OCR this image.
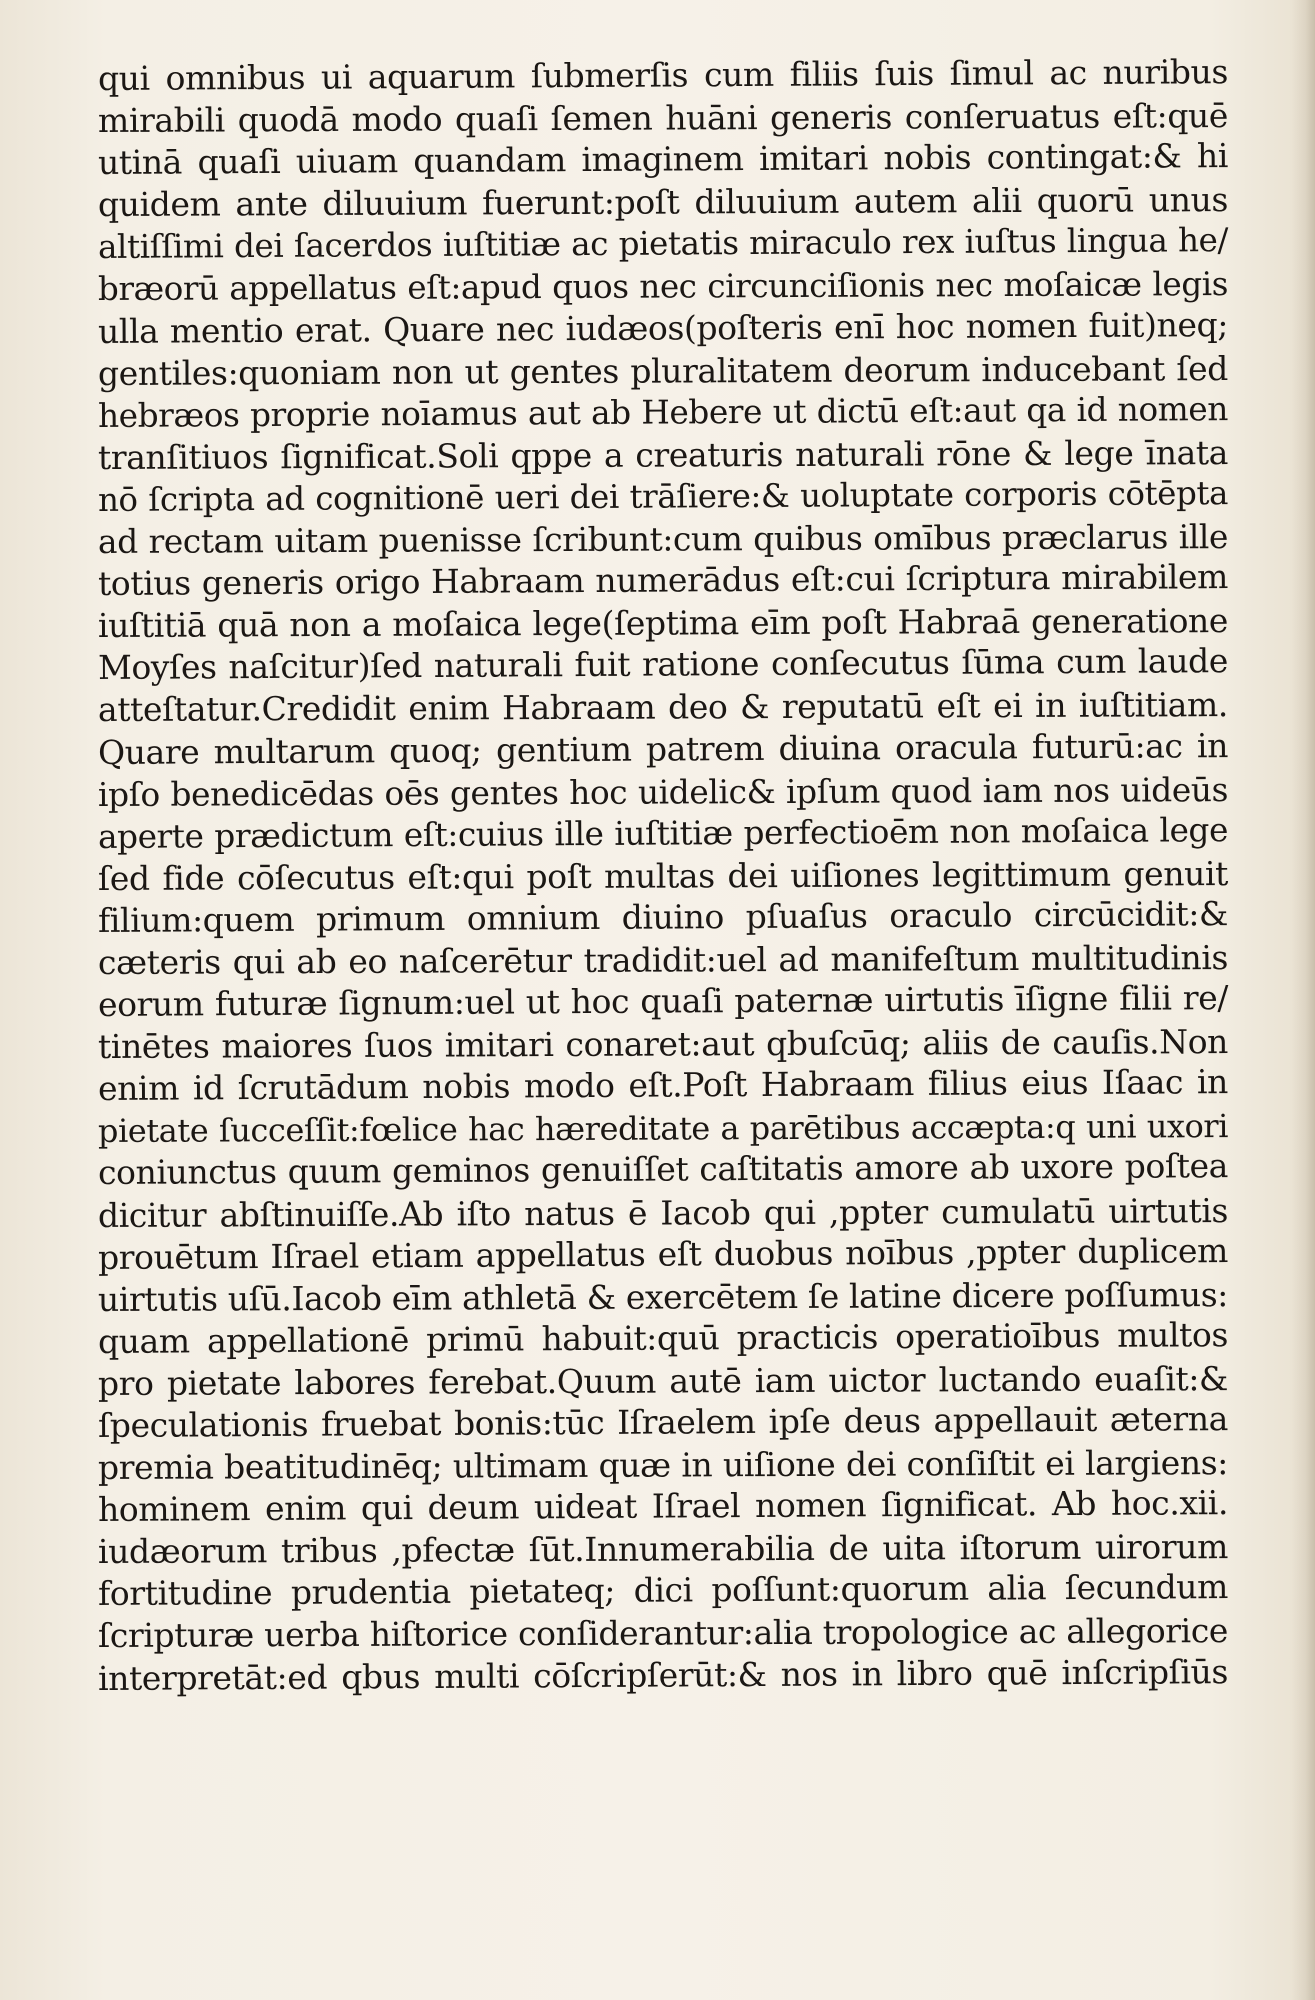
qui omnibus ui aquarum ſubmerſis cum filiis ſuis ſimul ac nuribus
mirabili quodā modo quaſi ſemen huāni generis conſeruatus eſt:quē
utinā quaſi uiuam quandam imaginem imitari nobis contingat:& hi
quidem ante diluuium fuerunt:poſt diluuium autem alii quorū unus
altiſſimi dei ſacerdos iuſtitiæ ac pietatis miraculo rex iuſtus lingua he/
bræorū appellatus eſt:apud quos nec circunciſionis nec moſaicæ legis
ulla mentio erat. Quare nec iudæos(poſteris enī hoc nomen fuit)neq;
gentiles:quoniam non ut gentes pluralitatem deorum inducebant ſed
hebræos proprie noīamus aut ab Hebere ut dictū eſt:aut qa id nomen
tranſitiuos ſignificat.Soli qppe a creaturis naturali rōne & lege īnata
nō ſcripta ad cognitionē ueri dei trāſiere:& uoluptate corporis cōtēpta
ad rectam uitam puenisse ſcribunt:cum quibus omībus præclarus ille
totius generis origo Habraam numerādus eſt:cui ſcriptura mirabilem
iuſtitiā quā non a moſaica lege(ſeptima eīm poſt Habraā generatione
Moyſes naſcitur)ſed naturali fuit ratione conſecutus ſūma cum laude
atteſtatur.Credidit enim Habraam deo & reputatū eſt ei in iuſtitiam.
Quare multarum quoq; gentium patrem diuina oracula futurū:ac in
ipſo benedicēdas oēs gentes hoc uidelic& ipſum quod iam nos uideūs
aperte prædictum eſt:cuius ille iuſtitiæ perfectioēm non moſaica lege
ſed fide cōſecutus eſt:qui poſt multas dei uiſiones legittimum genuit
filium:quem primum omnium diuino pſuaſus oraculo circūcidit:&
cæteris qui ab eo naſcerētur tradidit:uel ad manifeſtum multitudinis
eorum futuræ ſignum:uel ut hoc quaſi paternæ uirtutis īſigne filii re/
tinētes maiores ſuos imitari conaret:aut qbuſcūq; aliis de cauſis.Non
enim id ſcrutādum nobis modo eſt.Poſt Habraam filius eius Iſaac in
pietate ſucceſſit:fœlice hac hæreditate a parētibus accæpta:q uni uxori
coniunctus quum geminos genuiſſet caſtitatis amore ab uxore poſtea
dicitur abſtinuiſſe.Ab iſto natus ē Iacob qui ,ppter cumulatū uirtutis
prouētum Iſrael etiam appellatus eſt duobus noībus ,ppter duplicem
uirtutis uſū.Iacob eīm athletā & exercētem ſe latine dicere poſſumus:
quam appellationē primū habuit:quū practicis operatioībus multos
pro pietate labores ferebat.Quum autē iam uictor luctando euaſit:&
ſpeculationis fruebat bonis:tūc Iſraelem ipſe deus appellauit æterna
premia beatitudinēq; ultimam quæ in uiſione dei conſiſtit ei largiens:
hominem enim qui deum uideat Iſrael nomen ſignificat. Ab hoc.xii.
iudæorum tribus ,pfectæ ſūt.Innumerabilia de uita iſtorum uirorum
fortitudine prudentia pietateq; dici poſſunt:quorum alia ſecundum
ſcripturæ uerba hiſtorice conſiderantur:alia tropologice ac allegorice
interpretāt:ed qbus multi cōſcripſerūt:& nos in libro quē inſcripſiūs
